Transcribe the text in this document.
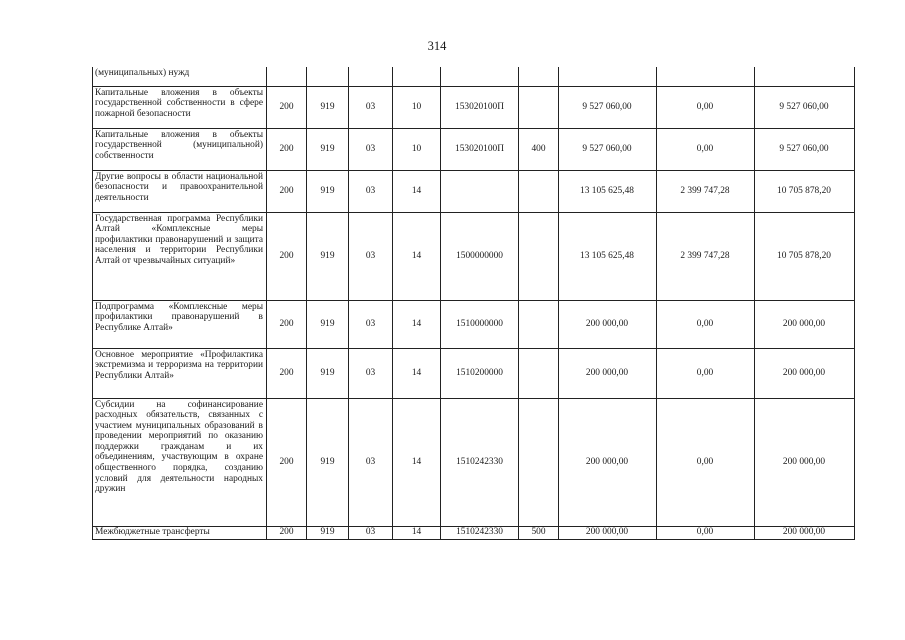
314
(муниципальных) нужд									
Капитальные вложения в объекты государственной собственности в сфере пожарной безопасности	200	919	03	10	153020100П		9 527 060,00	0,00	9 527 060,00
Капитальные вложения в объекты государственной (муниципальной) собственности	200	919	03	10	153020100П	400	9 527 060,00	0,00	9 527 060,00
Другие вопросы в области национальной безопасности и правоохранительной деятельности	200	919	03	14			13 105 625,48	2 399 747,28	10 705 878,20
Государственная программа Республики Алтай «Комплексные меры профилактики правонарушений и защита населения и территории Республики Алтай от чрезвычайных ситуаций»	200	919	03	14	1500000000		13 105 625,48	2 399 747,28	10 705 878,20
Подпрограмма «Комплексные меры профилактики правонарушений в Республике Алтай»	200	919	03	14	1510000000		200 000,00	0,00	200 000,00
Основное мероприятие «Профилактика экстремизма и терроризма на территории Республики Алтай»	200	919	03	14	1510200000		200 000,00	0,00	200 000,00
Субсидии на софинансирование расходных обязательств, связанных с участием муниципальных образований в проведении мероприятий по оказанию поддержки гражданам и их объединениям, участвующим в охране общественного порядка, созданию условий для деятельности народных дружин	200	919	03	14	1510242330		200 000,00	0,00	200 000,00
Межбюджетные трансферты	200	919	03	14	1510242330	500	200 000,00	0,00	200 000,00
